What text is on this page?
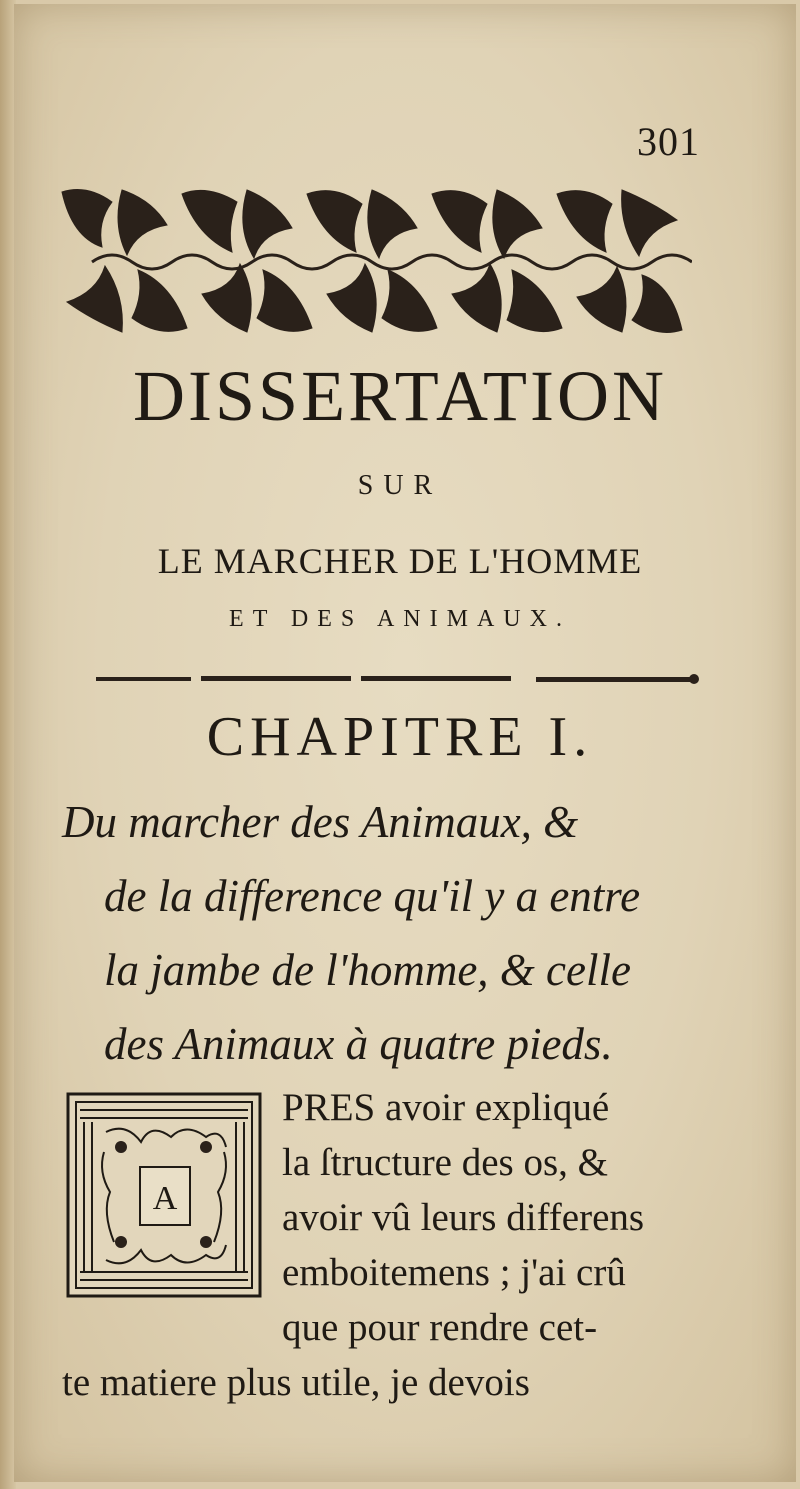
301
DISSERTATION
SUR
LE MARCHER DE L'HOMME
ET DES ANIMAUX.
CHAPITRE I.
Du marcher des Animaux, &
de la difference qu'il y a entre
la jambe de l'homme, & celle
des Animaux à quatre pieds.
A
PRES avoir expliqué
la ſtructure des os, &
avoir vû leurs differens
emboitemens ; j'ai crû
que pour rendre cet-
te matiere plus utile, je devois
